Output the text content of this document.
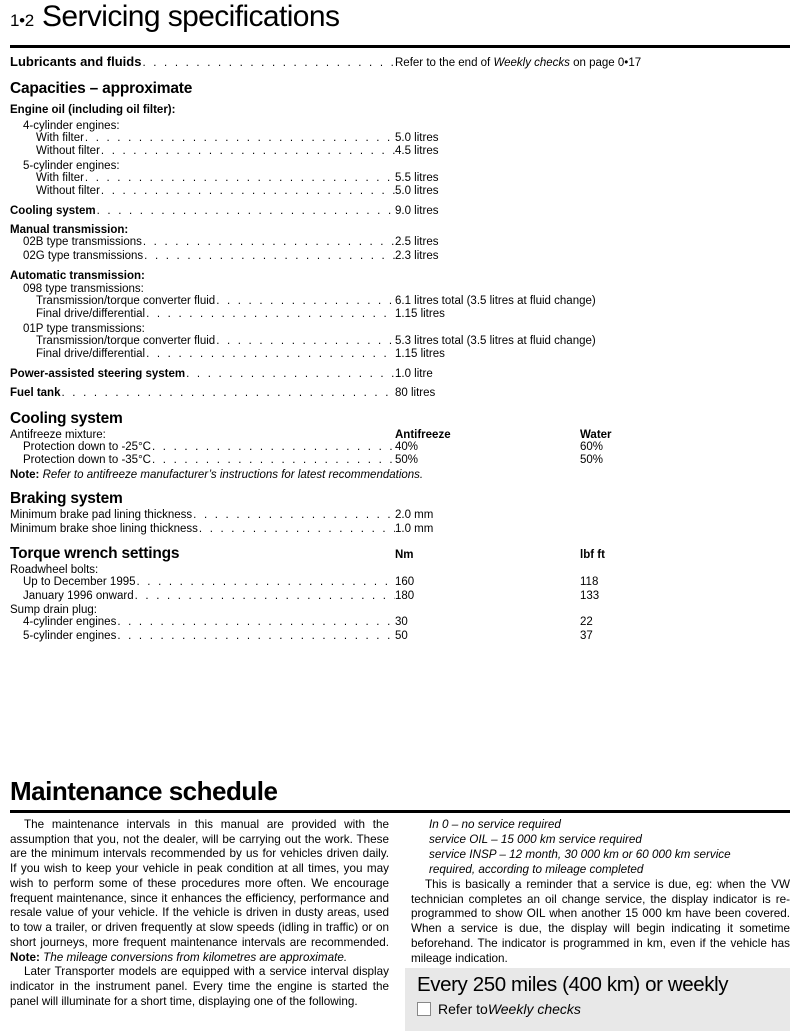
1•2 Servicing specifications
Lubricants and fluids . . .	Refer to the end of Weekly checks on page 0•17
Capacities – approximate
Engine oil (including oil filter):
4-cylinder engines:
With filter . . .	5.0 litres
Without filter . . .	4.5 litres
5-cylinder engines:
With filter . . .	5.5 litres
Without filter . . .	5.0 litres
Cooling system . . .	9.0 litres
Manual transmission:
02B type transmissions . . .	2.5 litres
02G type transmissions . . .	2.3 litres
Automatic transmission:
098 type transmissions:
Transmission/torque converter fluid . . .	6.1 litres total (3.5 litres at fluid change)
Final drive/differential . . .	1.15 litres
01P type transmissions:
Transmission/torque converter fluid . . .	5.3 litres total (3.5 litres at fluid change)
Final drive/differential . . .	1.15 litres
Power-assisted steering system . . .	1.0 litre
Fuel tank . . .	80 litres
Cooling system
Antifreeze mixture:	Antifreeze	Water
Protection down to -25°C . . .	40%	60%
Protection down to -35°C . . .	50%	50%
Note: Refer to antifreeze manufacturer’s instructions for latest recommendations.
Braking system
Minimum brake pad lining thickness . . .	2.0 mm
Minimum brake shoe lining thickness . . .	1.0 mm
Torque wrench settings	Nm	lbf ft
Roadwheel bolts:
Up to December 1995 . . .	160	118
January 1996 onward . . .	180	133
Sump drain plug:
4-cylinder engines . . .	30	22
5-cylinder engines . . .	50	37
Maintenance schedule

The maintenance intervals in this manual are provided with the assumption that you, not the dealer, will be carrying out the work. These are the minimum intervals recommended by us for vehicles driven daily. If you wish to keep your vehicle in peak condition at all times, you may wish to perform some of these procedures more often. We encourage frequent maintenance, since it enhances the efficiency, performance and resale value of your vehicle. If the vehicle is driven in dusty areas, used to tow a trailer, or driven frequently at slow speeds (idling in traffic) or on short journeys, more frequent maintenance intervals are recommended. Note: The mileage conversions from kilometres are approximate.

Later Transporter models are equipped with a service interval display indicator in the instrument panel. Every time the engine is started the panel will illuminate for a short time, displaying one of the following.

In 0 – no service required
service OIL – 15 000 km service required
service INSP – 12 month, 30 000 km or 60 000 km service
required, according to mileage completed

This is basically a reminder that a service is due, eg: when the VW technician completes an oil change service, the display indicator is re-programmed to show OIL when another 15 000 km have been covered. When a service is due, the display will begin indicating it sometime beforehand. The indicator is programmed in km, even if the vehicle has mileage indication.

Every 250 miles (400 km) or weekly
Refer to Weekly checks
